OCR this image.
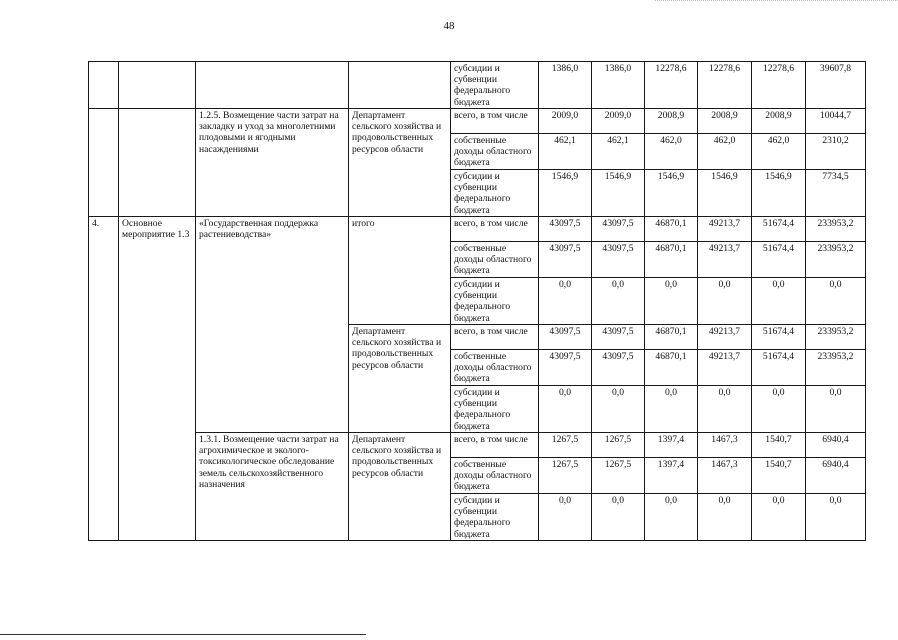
48

				субсидии и субвенции федерального бюджета	1386,0	1386,0	12278,6	12278,6	12278,6	39607,8
		1.2.5. Возмещение части затрат на закладку и уход за многолетними плодовыми и ягодными насаждениями	Департамент сельского хозяйства и продовольственных ресурсов области	всего, в том числе	2009,0	2009,0	2008,9	2008,9	2008,9	10044,7

				собственные доходы областного бюджета	462,1	462,1	462,0	462,0	462,0	2310,2

				субсидии и субвенции федерального бюджета	1546,9	1546,9	1546,9	1546,9	1546,9	7734,5
4.	Основное мероприятие 1.3	«Государственная поддержка растениеводства»	итого	всего, в том числе	43097,5	43097,5	46870,1	49213,7	51674,4	233953,2

				собственные доходы областного бюджета	43097,5	43097,5	46870,1	49213,7	51674,4	233953,2

				субсидии и субвенции федерального бюджета	0,0	0,0	0,0	0,0	0,0	0,0
			Департамент сельского хозяйства и продовольственных ресурсов области	всего, в том числе	43097,5	43097,5	46870,1	49213,7	51674,4	233953,2

				собственные доходы областного бюджета	43097,5	43097,5	46870,1	49213,7	51674,4	233953,2

				субсидии и субвенции федерального бюджета	0,0	0,0	0,0	0,0	0,0	0,0
		1.3.1. Возмещение части затрат на агрохимическое и эколого-токсикологическое обследование земель сельскохозяйственного назначения	Департамент сельского хозяйства и продовольственных ресурсов области	всего, в том числе	1267,5	1267,5	1397,4	1467,3	1540,7	6940,4

				собственные доходы областного бюджета	1267,5	1267,5	1397,4	1467,3	1540,7	6940,4

				субсидии и субвенции федерального бюджета	0,0	0,0	0,0	0,0	0,0	0,0
